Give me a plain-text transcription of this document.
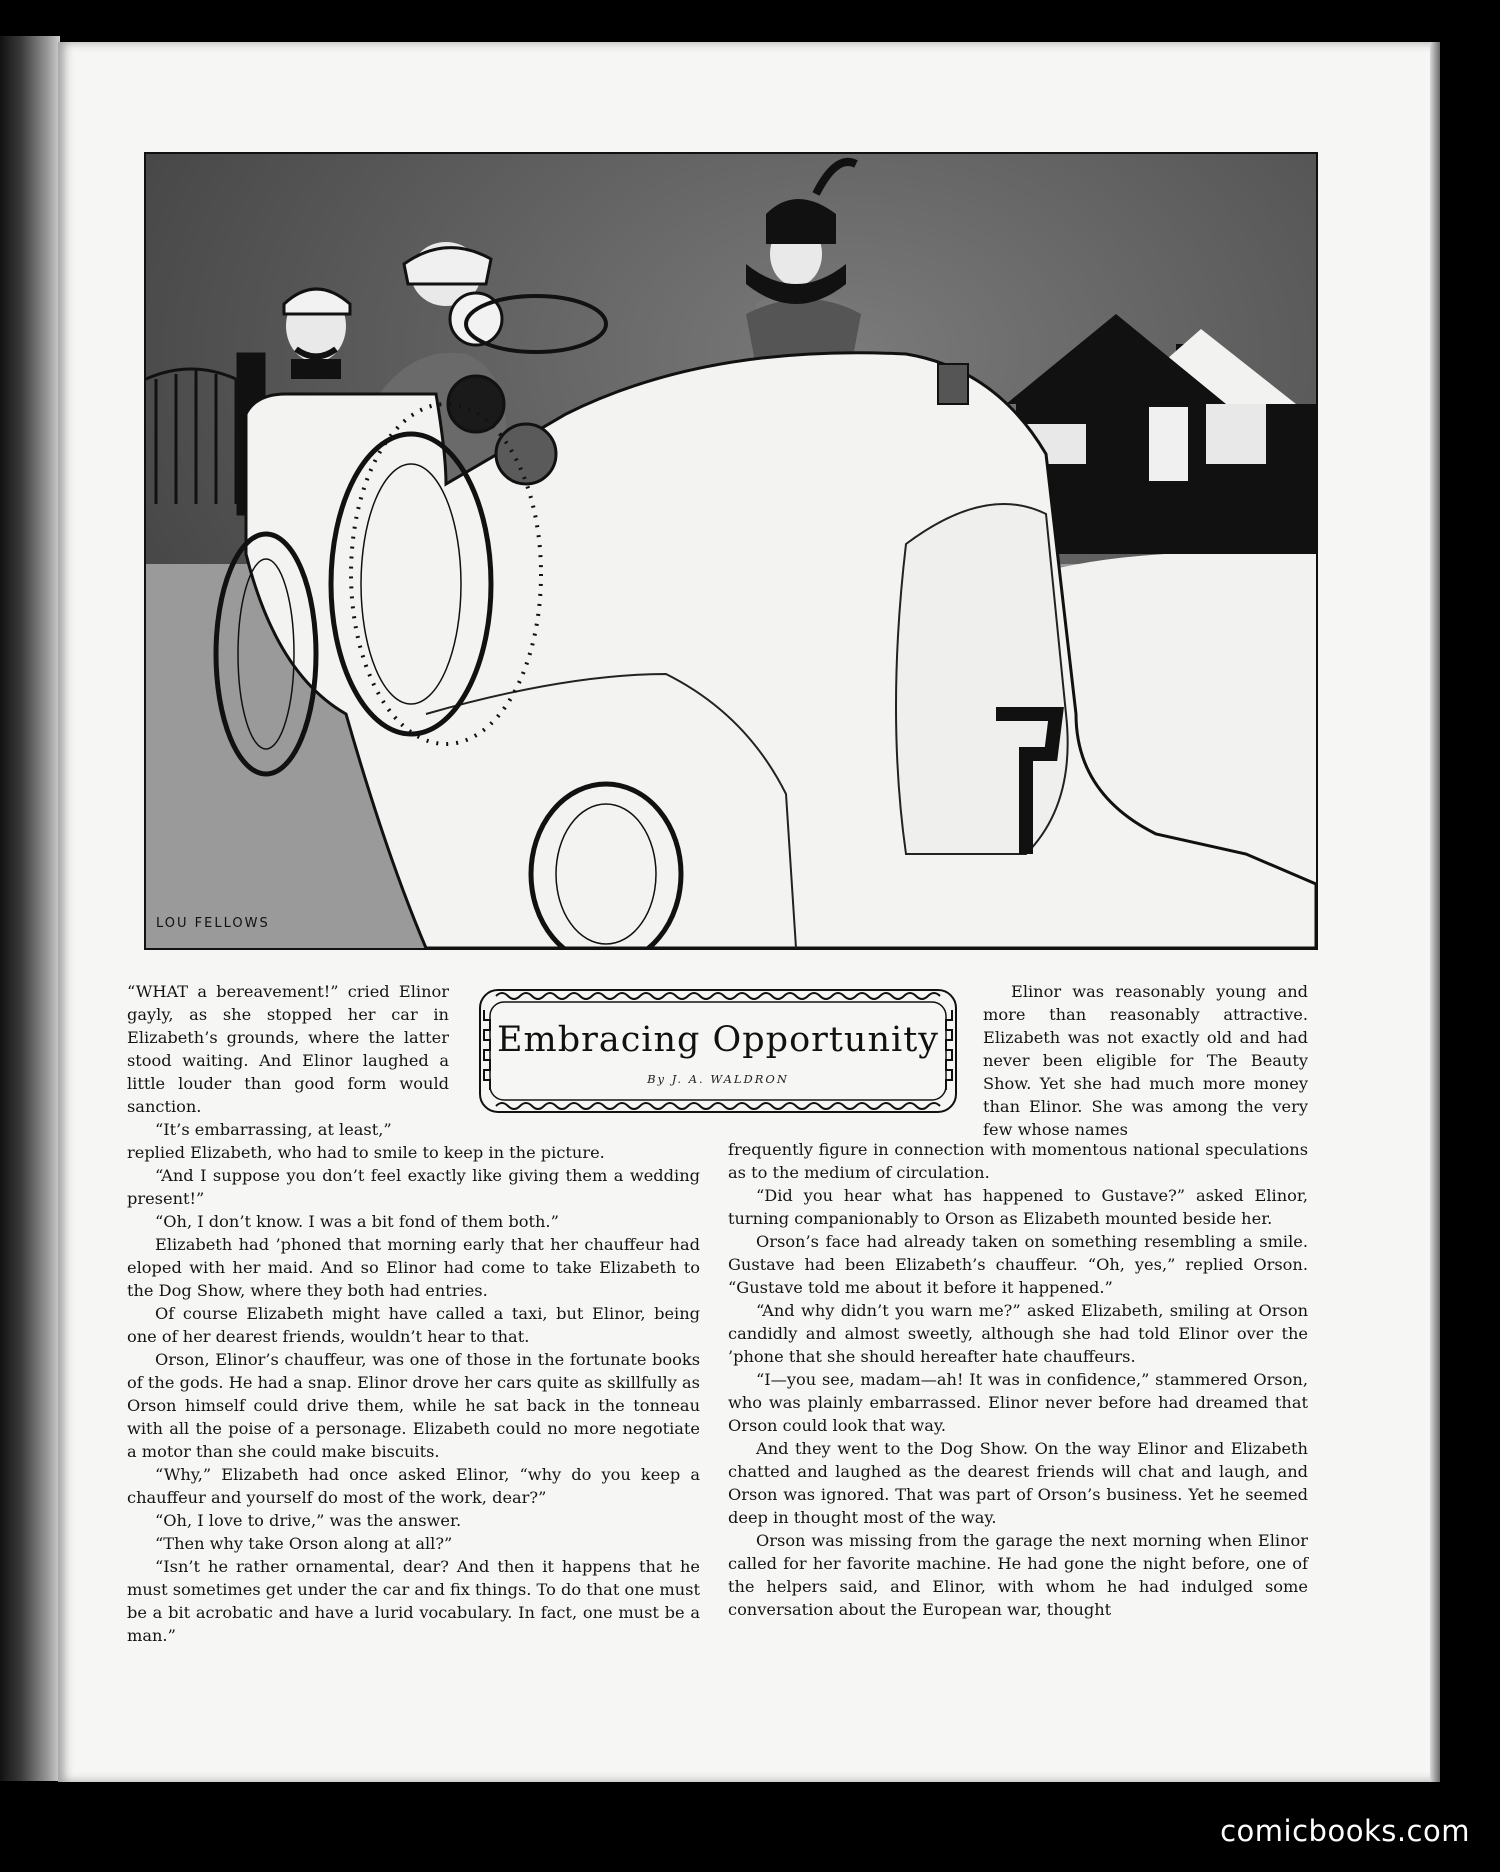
LOU FELLOWS
Embracing Opportunity
By J. A. WALDRON

“WHAT a bereavement!” cried Elinor gayly, as she stopped her car in Elizabeth’s grounds, where the latter stood waiting. And Elinor laughed a little louder than good form would sanction.

“It’s embarrassing, at least,”

replied Elizabeth, who had to smile to keep in the picture.

“And I suppose you don’t feel exactly like giving them a wedding present!”

“Oh, I don’t know. I was a bit fond of them both.”

Elizabeth had ’phoned that morning early that her chauffeur had eloped with her maid. And so Elinor had come to take Elizabeth to the Dog Show, where they both had entries.

Of course Elizabeth might have called a taxi, but Elinor, being one of her dearest friends, wouldn’t hear to that.

Orson, Elinor’s chauffeur, was one of those in the fortunate books of the gods. He had a snap. Elinor drove her cars quite as skillfully as Orson himself could drive them, while he sat back in the tonneau with all the poise of a personage. Elizabeth could no more negotiate a motor than she could make biscuits.

“Why,” Elizabeth had once asked Elinor, “why do you keep a chauffeur and yourself do most of the work, dear?”

“Oh, I love to drive,” was the answer.

“Then why take Orson along at all?”

“Isn’t he rather ornamental, dear? And then it happens that he must sometimes get under the car and fix things. To do that one must be a bit acrobatic and have a lurid vocabulary. In fact, one must be a man.”

Elinor was reasonably young and more than reasonably attractive. Elizabeth was not exactly old and had never been eligible for The Beauty Show. Yet she had much more money than Elinor. She was among the very few whose names

frequently figure in connection with momentous national speculations as to the medium of circulation.

“Did you hear what has happened to Gustave?” asked Elinor, turning companionably to Orson as Elizabeth mounted beside her.

Orson’s face had already taken on something resembling a smile. Gustave had been Elizabeth’s chauffeur. “Oh, yes,” replied Orson. “Gustave told me about it before it happened.”

“And why didn’t you warn me?” asked Elizabeth, smiling at Orson candidly and almost sweetly, although she had told Elinor over the ’phone that she should hereafter hate chauffeurs.

“I—you see, madam—ah! It was in confidence,” stammered Orson, who was plainly embarrassed. Elinor never before had dreamed that Orson could look that way.

And they went to the Dog Show. On the way Elinor and Elizabeth chatted and laughed as the dearest friends will chat and laugh, and Orson was ignored. That was part of Orson’s business. Yet he seemed deep in thought most of the way.

Orson was missing from the garage the next morning when Elinor called for her favorite machine. He had gone the night before, one of the helpers said, and Elinor, with whom he had indulged some conversation about the European war, thought

comicbooks.com
